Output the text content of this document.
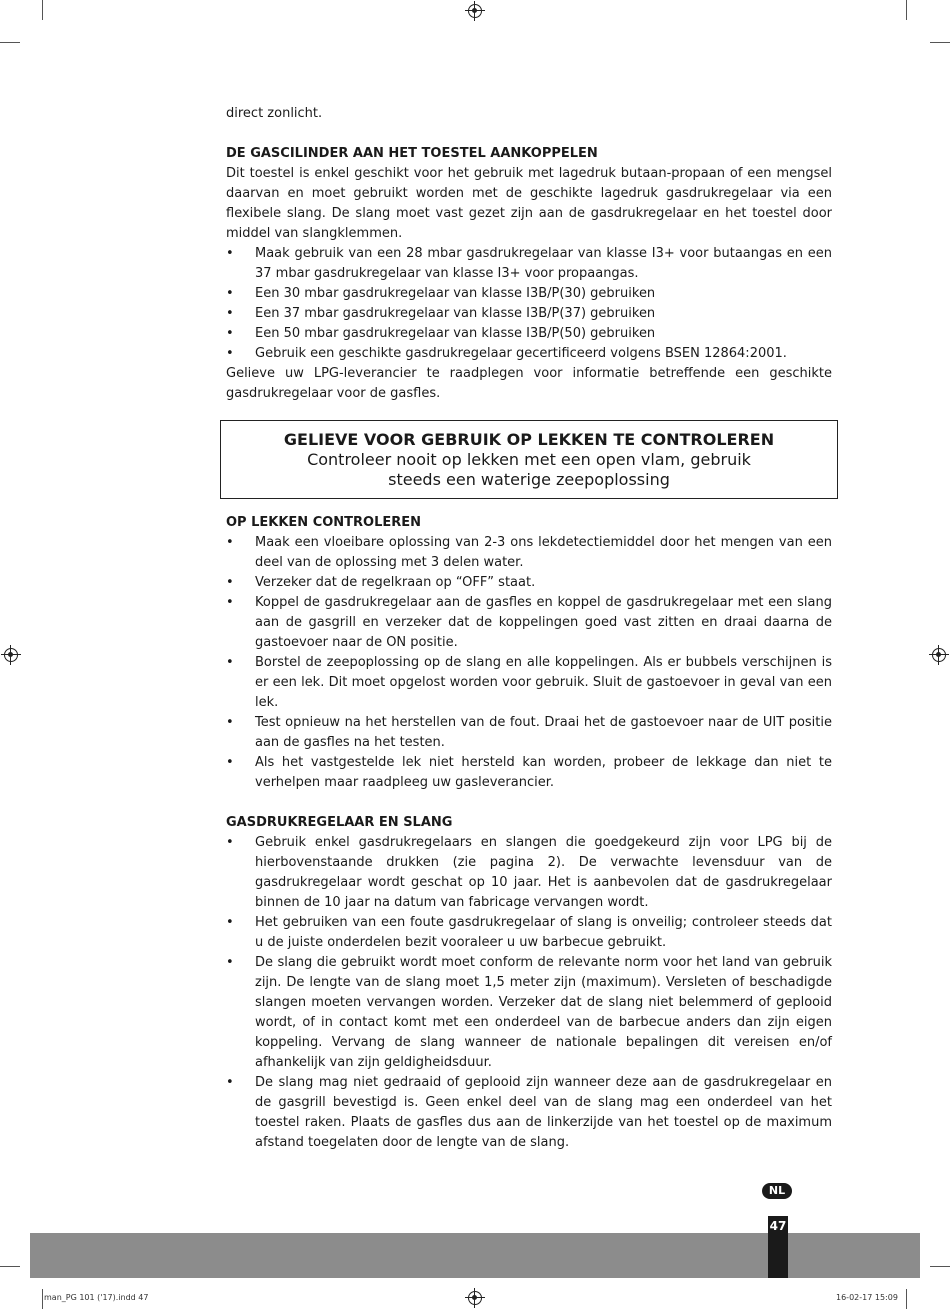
direct zonlicht.

DE GASCILINDER AAN HET TOESTEL AANKOPPELEN

Dit toestel is enkel geschikt voor het gebruik met lagedruk butaan-propaan of een mengsel daarvan en moet gebruikt worden met de geschikte lagedruk gasdrukregelaar via een flexibele slang. De slang moet vast gezet zijn aan de gasdrukregelaar en het toestel door middel van slangklemmen.

• Maak gebruik van een 28 mbar gasdrukregelaar van klasse I3+ voor butaangas en een 37 mbar gasdrukregelaar van klasse I3+ voor propaangas.
• Een 30 mbar gasdrukregelaar van klasse I3B/P(30) gebruiken
• Een 37 mbar gasdrukregelaar van klasse I3B/P(37) gebruiken
• Een 50 mbar gasdrukregelaar van klasse I3B/P(50) gebruiken
• Gebruik een geschikte gasdrukregelaar gecertificeerd volgens BSEN 12864:2001.

Gelieve uw LPG-leverancier te raadplegen voor informatie betreffende een geschikte gasdrukregelaar voor de gasfles.

GELIEVE VOOR GEBRUIK OP LEKKEN TE CONTROLEREN
Controleer nooit op lekken met een open vlam, gebruik
steeds een waterige zeepoplossing
OP LEKKEN CONTROLEREN
• Maak een vloeibare oplossing van 2-3 ons lekdetectiemiddel door het mengen van een deel van de oplossing met 3 delen water.
• Verzeker dat de regelkraan op “OFF” staat.
• Koppel de gasdrukregelaar aan de gasfles en koppel de gasdrukregelaar met een slang aan de gasgrill en verzeker dat de koppelingen goed vast zitten en draai daarna de gastoevoer naar de ON positie.
• Borstel de zeepoplossing op de slang en alle koppelingen. Als er bubbels verschijnen is er een lek. Dit moet opgelost worden voor gebruik. Sluit de gastoevoer in geval van een lek.
• Test opnieuw na het herstellen van de fout. Draai het de gastoevoer naar de UIT positie aan de gasfles na het testen.
• Als het vastgestelde lek niet hersteld kan worden, probeer de lekkage dan niet te verhelpen maar raadpleeg uw gasleverancier.
GASDRUKREGELAAR EN SLANG
• Gebruik enkel gasdrukregelaars en slangen die goedgekeurd zijn voor LPG bij de hierbovenstaande drukken (zie pagina 2). De verwachte levensduur van de gasdrukregelaar wordt geschat op 10 jaar. Het is aanbevolen dat de gasdrukregelaar binnen de 10 jaar na datum van fabricage vervangen wordt.
• Het gebruiken van een foute gasdrukregelaar of slang is onveilig; controleer steeds dat u de juiste onderdelen bezit vooraleer u uw barbecue gebruikt.
• De slang die gebruikt wordt moet conform de relevante norm voor het land van gebruik zijn. De lengte van de slang moet 1,5 meter zijn (maximum). Versleten of beschadigde slangen moeten vervangen worden. Verzeker dat de slang niet belemmerd of geplooid wordt, of in contact komt met een onderdeel van de barbecue anders dan zijn eigen koppeling. Vervang de slang wanneer de nationale bepalingen dit vereisen en/of afhankelijk van zijn geldigheidsduur.
• De slang mag niet gedraaid of geplooid zijn wanneer deze aan de gasdrukregelaar en de gasgrill bevestigd is. Geen enkel deel van de slang mag een onderdeel van het toestel raken. Plaats de gasfles dus aan de linkerzijde van het toestel op de maximum afstand toegelaten door de lengte van de slang.
NL
47
man_PG 101 ('17).indd 47	16-02-17 15:09
